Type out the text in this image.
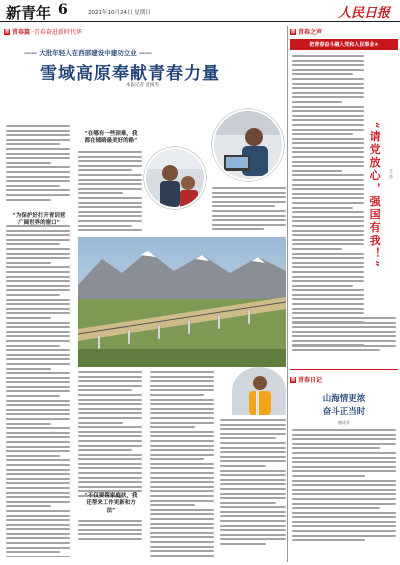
新青年 6	2021年10月24日 星期日	人民日报
青 青春篇 ·青春奋进新时代华
—— 大批年轻人在西部建设中建功立业 ——
雪域高原奉献青春力量
本报记者 袁杨杰
“为保护好打开青训营广阔世界的窗口”
“在哪有一些困难，我都在铺路最美好的路”
“不仅要帮家庭扶，我还帮来工作更新和方法”
青 青春之声
把青春奋斗融入党和人民事业④
“请党放心，强国有我！” 王 沙
青 青春日记
山海情更浓
奋斗正当时
谢成芳
